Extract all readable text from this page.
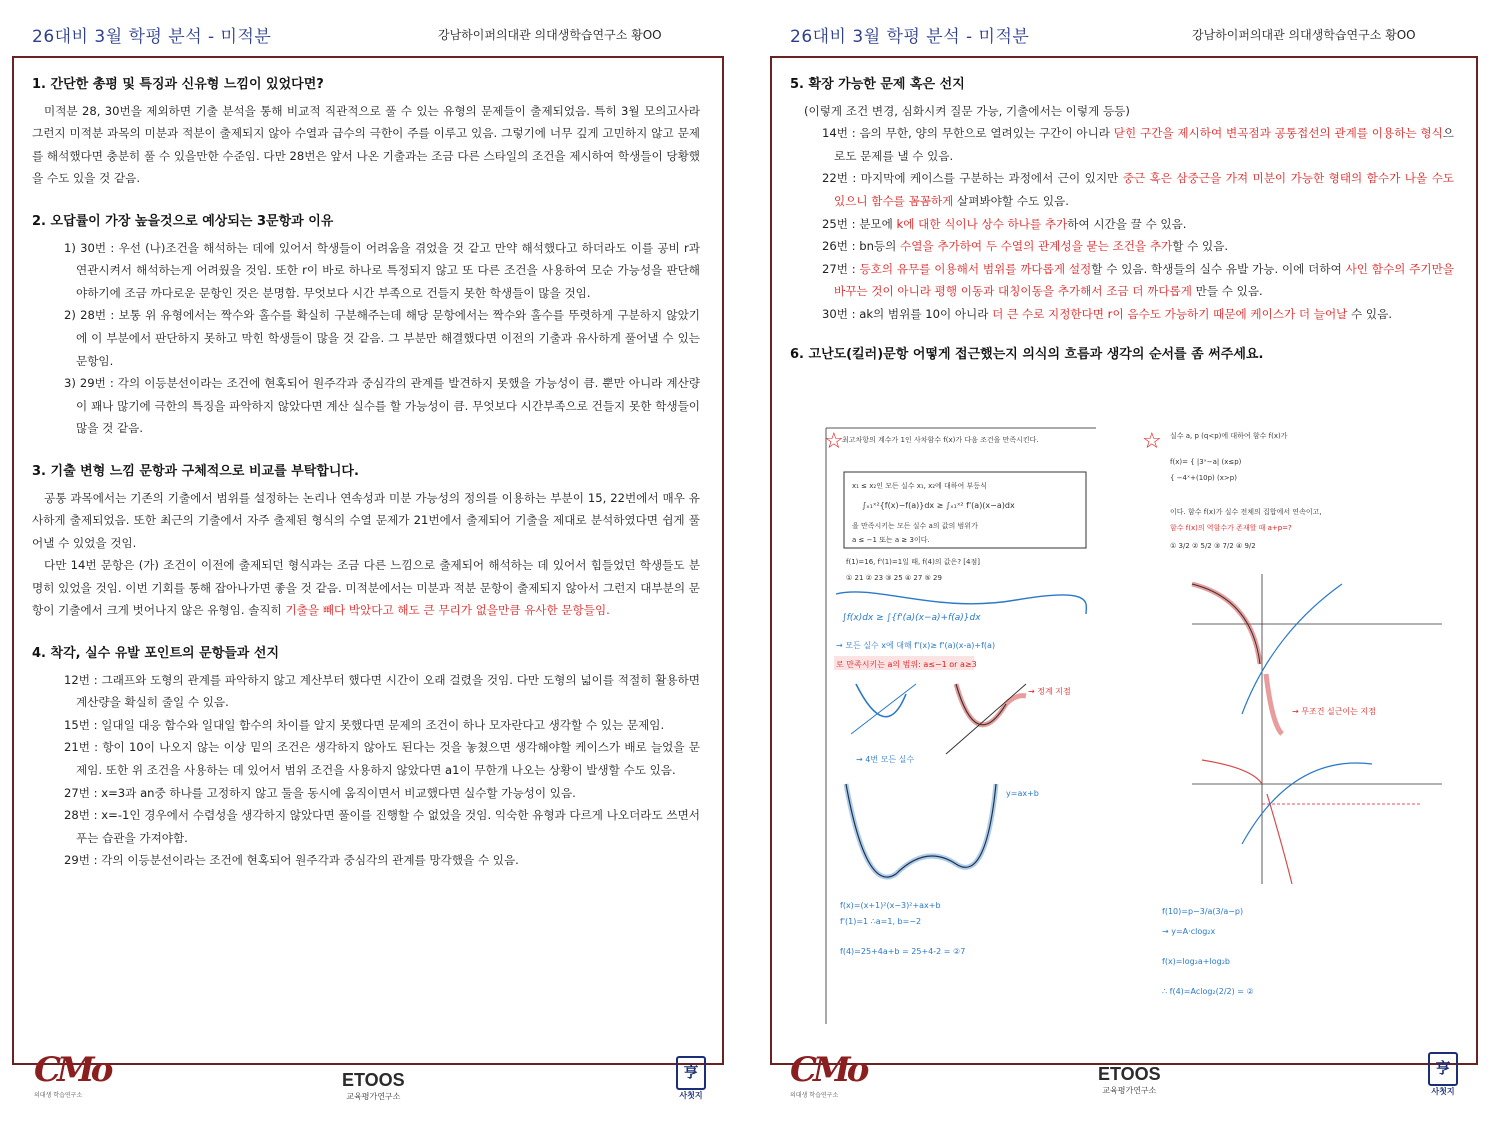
26대비 3월 학평 분석 - 미적분	강남하이퍼의대관 의대생학습연구소 황OO
1. 간단한 총평 및 특징과 신유형 느낌이 있었다면?

미적분 28, 30번을 제외하면 기출 분석을 통해 비교적 직관적으로 풀 수 있는 유형의 문제들이 출제되었음. 특히 3월 모의고사라 그런지 미적분 과목의 미분과 적분이 출제되지 않아 수열과 급수의 극한이 주를 이루고 있음. 그렇기에 너무 깊게 고민하지 않고 문제를 해석했다면 충분히 풀 수 있을만한 수준임. 다만 28번은 앞서 나온 기출과는 조금 다른 스타일의 조건을 제시하여 학생들이 당황했을 수도 있을 것 같음.

2. 오답률이 가장 높을것으로 예상되는 3문항과 이유

1) 30번 : 우선 (나)조건을 해석하는 데에 있어서 학생들이 어려움을 겪었을 것 같고 만약 해석했다고 하더라도 이를 공비 r과 연관시켜서 해석하는게 어려웠을 것임. 또한 r이 바로 하나로 특정되지 않고 또 다른 조건을 사용하여 모순 가능성을 판단해야하기에 조금 까다로운 문항인 것은 분명함. 무엇보다 시간 부족으로 건들지 못한 학생들이 많을 것임.

2) 28번 : 보통 위 유형에서는 짝수와 홀수를 확실히 구분해주는데 해당 문항에서는 짝수와 홀수를 뚜렷하게 구분하지 않았기에 이 부분에서 판단하지 못하고 막힌 학생들이 많을 것 같음. 그 부분만 해결했다면 이전의 기출과 유사하게 풀어낼 수 있는 문항임.

3) 29번 : 각의 이등분선이라는 조건에 현혹되어 원주각과 중심각의 관계를 발견하지 못했을 가능성이 큼. 뿐만 아니라 계산량이 꽤나 많기에 극한의 특징을 파악하지 않았다면 계산 실수를 할 가능성이 큼. 무엇보다 시간부족으로 건들지 못한 학생들이 많을 것 같음.

3. 기출 변형 느낌 문항과 구체적으로 비교를 부탁합니다.

공통 과목에서는 기존의 기출에서 범위를 설정하는 논리나 연속성과 미분 가능성의 정의를 이용하는 부분이 15, 22번에서 매우 유사하게 출제되었음. 또한 최근의 기출에서 자주 출제된 형식의 수열 문제가 21번에서 출제되어 기출을 제대로 분석하였다면 쉽게 풀어낼 수 있었을 것임.

다만 14번 문항은 (가) 조건이 이전에 출제되던 형식과는 조금 다른 느낌으로 출제되어 해석하는 데 있어서 힘들었던 학생들도 분명히 있었을 것임. 이번 기회를 통해 잡아나가면 좋을 것 같음. 미적분에서는 미분과 적분 문항이 출제되지 않아서 그런지 대부분의 문항이 기출에서 크게 벗어나지 않은 유형임. 솔직히 기출을 빼다 박았다고 해도 큰 무리가 없을만큼 유사한 문항들임.

4. 착각, 실수 유발 포인트의 문항들과 선지

12번 : 그래프와 도형의 관계를 파악하지 않고 계산부터 했다면 시간이 오래 걸렸을 것임. 다만 도형의 넓이를 적절히 활용하면 계산량을 확실히 줄일 수 있음.

15번 : 일대일 대응 함수와 일대일 함수의 차이를 알지 못했다면 문제의 조건이 하나 모자란다고 생각할 수 있는 문제임.

21번 : 항이 10이 나오지 않는 이상 밑의 조건은 생각하지 않아도 된다는 것을 놓쳤으면 생각해야할 케이스가 배로 늘었을 문제임. 또한 위 조건을 사용하는 데 있어서 범위 조건을 사용하지 않았다면 a1이 무한개 나오는 상황이 발생할 수도 있음.

27번 : x=3과 an중 하나를 고정하지 않고 둘을 동시에 움직이면서 비교했다면 실수할 가능성이 있음.

28번 : x=-1인 경우에서 수렴성을 생각하지 않았다면 풀이를 진행할 수 없었을 것임. 익숙한 유형과 다르게 나오더라도 쓰면서 푸는 습관을 가져야함.

29번 : 각의 이등분선이라는 조건에 현혹되어 원주각과 중심각의 관계를 망각했을 수 있음.

CMo
의대생 학습연구소
ETOOS
교육평가연구소
亨
사첫지
26대비 3월 학평 분석 - 미적분	강남하이퍼의대관 의대생학습연구소 황OO
5. 확장 가능한 문제 혹은 선지

(이렇게 조건 변경, 심화시켜 질문 가능, 기출에서는 이렇게 등등)

14번 : 음의 무한, 양의 무한으로 열려있는 구간이 아니라 닫힌 구간을 제시하여 변곡점과 공통접선의 관계를 이용하는 형식으로도 문제를 낼 수 있음.

22번 : 마지막에 케이스를 구분하는 과정에서 근이 있지만 중근 혹은 삼중근을 가져 미분이 가능한 형태의 함수가 나올 수도 있으니 함수를 꼼꼼하게 살펴봐야할 수도 있음.

25번 : 분모에 k에 대한 식이나 상수 하나를 추가하여 시간을 끌 수 있음.

26번 : bn등의 수열을 추가하여 두 수열의 관계성을 묻는 조건을 추가할 수 있음.

27번 : 등호의 유무를 이용해서 범위를 까다롭게 설정할 수 있음. 학생들의 실수 유발 가능. 이에 더하여 사인 함수의 주기만을 바꾸는 것이 아니라 평행 이동과 대칭이동을 추가해서 조금 더 까다롭게 만들 수 있음.

30번 : ak의 범위를 10이 아니라 더 큰 수로 지정한다면 r이 음수도 가능하기 때문에 케이스가 더 늘어날 수 있음.

6. 고난도(킬러)문항 어떻게 접근했는지 의식의 흐름과 생각의 순서를 좀 써주세요.
☆
최고차항의 계수가 1인 사차함수 f(x)가 다음 조건을 만족시킨다.
x₁ ≤ x₂인 모든 실수 x₁, x₂에 대하여 부등식
∫ₓ₁ˣ²{f(x)−f(a)}dx ≥ ∫ₓ₁ˣ² f'(a)(x−a)dx
을 만족시키는 모든 실수 a의 값의 범위가
a ≤ −1 또는 a ≥ 3이다.
f(1)=16, f'(1)=1일 때, f(4)의 값은? [4점]
① 21 ② 23 ③ 25 ④ 27 ⑤ 29
∫f(x)dx ≥ ∫{f'(a)(x−a)+f(a)}dx
→ 모든 실수 x에 대해 f'(x)≥ f'(a)(x-a)+f(a)
로 만족시키는 a의 범위: a≤−1 or a≥3
→ 정계 지점
→ 4번 모든 실수
y=ax+b
f(x)=(x+1)²(x−3)²+ax+b
f'(1)=1 ∴a=1, b=−2
f(4)=25+4a+b = 25+4-2 = ②7
☆ 실수 a, p (q<p)에 대하여 함수 f(x)가
f(x)= { |3ˣ−a| (x≤p)
{ −4ˣ+(10p) (x>p)
이다. 함수 f(x)가 실수 전체의 집합에서 연속이고,
함수 f(x)의 역함수가 존재할 때 a+p=?
① 3/2 ② 5/2 ③ 7/2 ④ 9/2
→ 무조건 실근이는 지점
f(10)=p−3/a(3/a−p)
→ y=A·clog₂x
f(x)=log₂a+log₂b
∴ f(4)=Aclog₂(2/2) = ②
CMo
의대생 학습연구소
ETOOS
교육평가연구소
亨
사첫지
